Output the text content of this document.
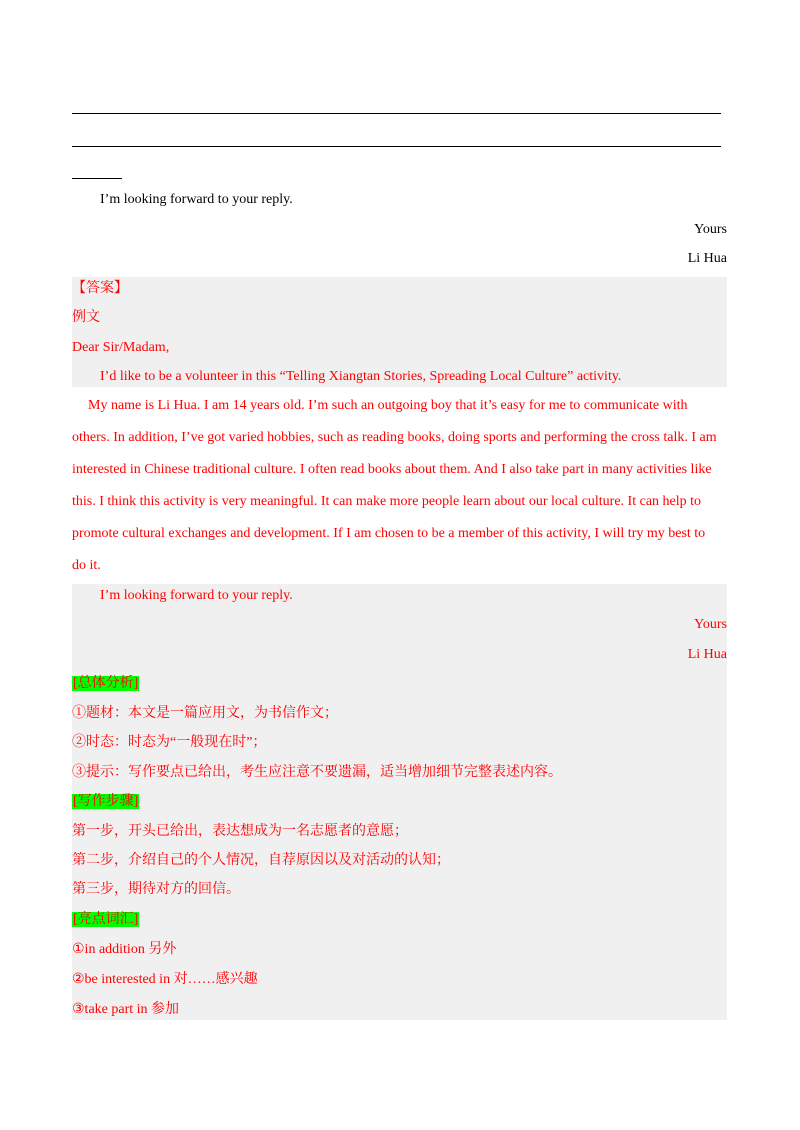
I’m looking forward to your reply.
Yours
Li Hua
【答案】
例文
Dear Sir/Madam,
I’d like to be a volunteer in this “Telling Xiangtan Stories, Spreading Local Culture” activity.
My name is Li Hua. I am 14 years old. I’m such an outgoing boy that it’s easy for me to communicate with
others. In addition, I’ve got varied hobbies, such as reading books, doing sports and performing the cross talk. I am
interested in Chinese traditional culture. I often read books about them. And I also take part in many activities like
this. I think this activity is very meaningful. It can make more people learn about our local culture. It can help to
promote cultural exchanges and development. If I am chosen to be a member of this activity, I will try my best to
do it.
I’m looking forward to your reply.
Yours
Li Hua
[总体分析]
①题材：本文是一篇应用文，为书信作文；
②时态：时态为“一般现在时”；
③提示：写作要点已给出，考生应注意不要遗漏，适当增加细节完整表述内容。
[写作步骤]
第一步，开头已给出，表达想成为一名志愿者的意愿；
第二步，介绍自己的个人情况，自荐原因以及对活动的认知；
第三步，期待对方的回信。
[亮点词汇]
①in addition 另外
②be interested in 对……感兴趣
③take part in 参加
